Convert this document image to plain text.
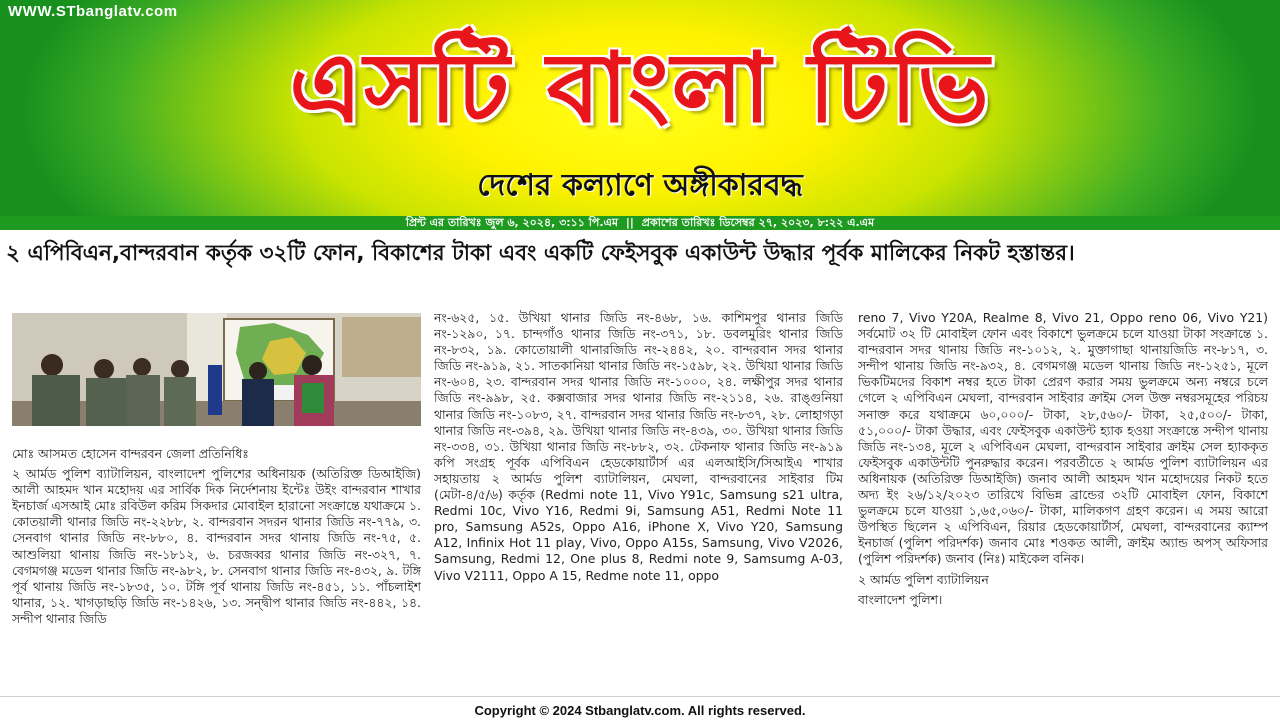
WWW.STbanglatv.com
এসটি বাংলা টিভি
দেশের কল্যাণে অঙ্গীকারবদ্ধ
প্রিন্ট এর তারিখঃ জুল ৬, ২০২৪, ৩:১১ পি.এম || প্রকাশের তারিখঃ ডিসেম্বর ২৭, ২০২৩, ৮:২২ এ.এম
২ এপিবিএন,বান্দরবান কর্তৃক ৩২টি ফোন, বিকাশের টাকা এবং একটি ফেইসবুক একাউন্ট উদ্ধার পূর্বক মালিকের নিকট হস্তান্তর।

মোঃ আসমত হোসেন বান্দরবন জেলা প্রতিনিধিঃ

২ আর্মড পুলিশ ব্যাটালিয়ন, বাংলাদেশ পুলিশের অধিনায়ক (অতিরিক্ত ডিআইজি) আলী আহমদ খান মহোদয় এর সার্বিক দিক নির্দেশনায় ইন্টেঃ উইং বান্দরবান শাখার ইনচার্জ এসআই মোঃ রবিউল করিম সিকদার মোবাইল হারানো সংক্রান্তে যথাক্রমে ১. কোতয়ালী থানার জিডি নং-২২৮৮, ২. বান্দরবান সদরন থানার জিডি নং-৭৭৯, ৩. সেনবাগ থানার জিডি নং-৮৮০, ৪. বান্দরবান সদর থানায় জিডি নং-৭৫, ৫. আশুলিয়া থানায় জিডি নং-১৮১২, ৬. চরজব্বর থানার জিডি নং-৩২৭, ৭. বেগমগঞ্জ মডেল থানার জিডি নং-৯৮২, ৮. সেনবাগ থানার জিডি নং-৪৩২, ৯. টঙ্গি পূর্ব থানায় জিডি নং-১৮৩৫, ১০. টঙ্গি পূর্ব থানায় জিডি নং-৪৫১, ১১. পাঁচলাইশ থানার, ১২. খাগড়াছড়ি জিডি নং-১৪২৬, ১৩. সন্দ্বীপ থানার জিডি নং-৪৪২, ১৪. সন্দীপ থানার জিডি

নং-৬২৫, ১৫. উখিয়া থানার জিডি নং-৪৬৮, ১৬. কাশিমপুর থানার জিডি নং-১২৯০, ১৭. চান্দগাঁও থানার জিডি নং-৩৭১, ১৮. ডবলমুরিং থানার জিডি নং-৮৩২, ১৯. কোতোয়ালী থানারজিডি নং-২৪৪২, ২০. বান্দরবান সদর থানার জিডি নং-৯১৯, ২১. সাতকানিয়া থানার জিডি নং-১৫৯৮, ২২. উখিয়া থানার জিডি নং-৬০৪, ২৩. বান্দরবান সদর থানার জিডি নং-১০০০, ২৪. লক্ষীপুর সদর থানার জিডি নং-৯৯৮, ২৫. কক্সবাজার সদর থানার জিডি নং-২১১৪, ২৬. রাঙ্গুনিয়া থানার জিডি নং-১০৮৩, ২৭. বান্দরবান সদর থানার জিডি নং-৮৩৭, ২৮. লোহাগড়া থানার জিডি নং-৩৯৪, ২৯. উখিয়া থানার জিডি নং-৪৩৯, ৩০. উখিয়া থানার জিডি নং-৩৩৪, ৩১. উখিয়া থানার জিডি নং-৮৮২, ৩২. টেকনাফ থানার জিডি নং-৯১৯ কপি সংগ্রহ পূর্বক এপিবিএন হেডকোয়ার্টার্স এর এলআইসি/সিআইএ শাখার সহায়তায় ২ আর্মড পুলিশ ব্যাটালিয়ন, মেঘলা, বান্দরবানের সাইবার টিম (মেটা-৪/৫/৬) কর্তৃক (Redmi note 11, Vivo Y91c, Samsung s21 ultra, Redmi 10c, Vivo Y16, Redmi 9i, Samsung A51, Redmi Note 11 pro, Samsung A52s, Oppo A16, iPhone X, Vivo Y20, Samsung A12, Infinix Hot 11 play, Vivo, Oppo A15s, Samsung, Vivo V2026, Samsung, Redmi 12, One plus 8, Redmi note 9, Samsumg A-03, Vivo V2111, Oppo A 15, Redme note 11, oppo

reno 7, Vivo Y20A, Realme 8, Vivo 21, Oppo reno 06, Vivo Y21) সর্বমোট ৩২ টি মোবাইল ফোন এবং বিকাশে ভুলক্রমে চলে যাওয়া টাকা সংক্রান্তে ১. বান্দরবান সদর থানায় জিডি নং-১০১২, ২. মুক্তাগাছা থানায়জিডি নং-৮১৭, ৩. সন্দীপ থানায় জিডি নং-৯৩২, ৪. বেগমগঞ্জ মডেল থানায় জিডি নং-১২৫১, মূলে ভিকটিমদের বিকাশ নম্বর হতে টাকা প্রেরণ করার সময় ভুলক্রমে অন্য নম্বরে চলে গেলে ২ এপিবিএন মেঘলা, বান্দরবান সাইবার ক্রাইম সেল উক্ত নম্বরসমূহের পরিচয় সনাক্ত করে যথাক্রমে ৬০,০০০/- টাকা, ২৮,৫৬০/- টাকা, ২৫,৫০০/- টাকা, ৫১,০০০/- টাকা উদ্ধার, এবং ফেইসবুক একাউন্ট হ্যাক হওয়া সংক্রান্তে সন্দীপ থানায় জিডি নং-১৩৪, মূলে ২ এপিবিএন মেঘলা, বান্দরবান সাইবার ক্রাইম সেল হ্যাককৃত ফেইসবুক একাউন্টটি পুনরুদ্ধার করেন। পরবর্তীতে ২ আর্মড পুলিশ ব্যাটালিয়ন এর অধিনায়ক (অতিরিক্ত ডিআইজি) জনাব আলী আহমদ খান মহোদয়ের নিকট হতে অদ্য ইং ২৬/১২/২০২৩ তারিখে বিভিন্ন ব্রান্ডের ৩২টি মোবাইল ফোন, বিকাশে ভুলক্রমে চলে যাওয়া ১,৬৫,০৬০/- টাকা, মালিকগণ গ্রহণ করেন। এ সময় আরো উপস্থিত ছিলেন ২ এপিবিএন, রিয়ার হেডকোয়ার্টার্স, মেঘলা, বান্দরবানের ক্যাম্প ইনচার্জ (পুলিশ পরিদর্শক) জনাব মোঃ শওকত আলী, ক্রাইম অ্যান্ড অপস্ অফিসার (পুলিশ পরিদর্শক) জনাব (নিঃ) মাইকেল বনিক।

২ আর্মড পুলিশ ব্যাটালিয়ন

বাংলাদেশ পুলিশ।

Copyright © 2024 Stbanglatv.com. All rights reserved.
